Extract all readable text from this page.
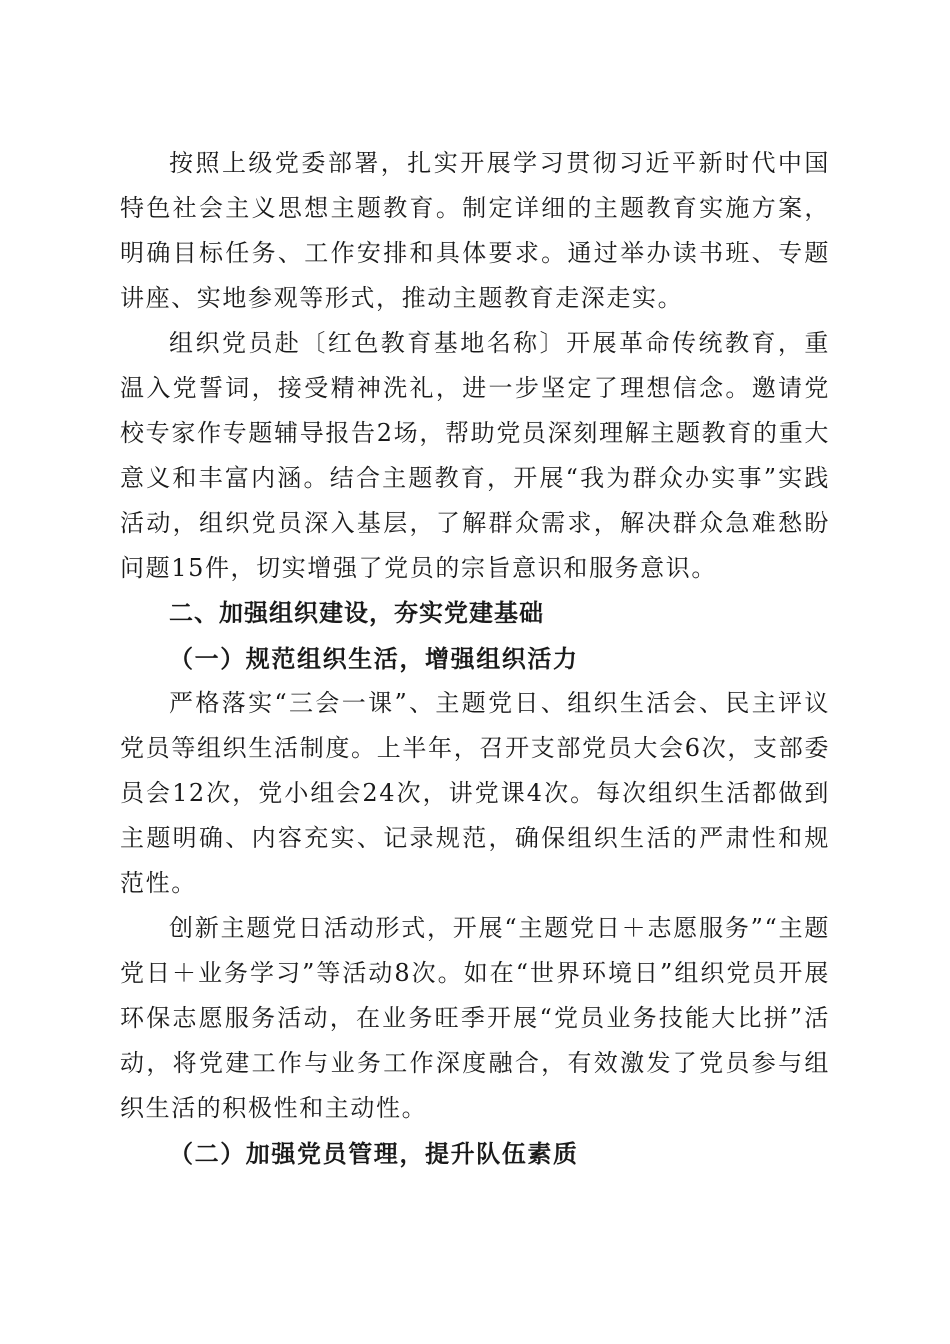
按照上级党委部署，扎实开展学习贯彻习近平新时代中国特色社会主义思想主题教育。制定详细的主题教育实施方案，明确目标任务、工作安排和具体要求。通过举办读书班、专题讲座、实地参观等形式，推动主题教育走深走实。

组织党员赴〔红色教育基地名称〕开展革命传统教育，重温入党誓词，接受精神洗礼，进一步坚定了理想信念。邀请党校专家作专题辅导报告2场，帮助党员深刻理解主题教育的重大意义和丰富内涵。结合主题教育，开展“我为群众办实事”实践活动，组织党员深入基层，了解群众需求，解决群众急难愁盼问题15件，切实增强了党员的宗旨意识和服务意识。

二、加强组织建设，夯实党建基础

（一）规范组织生活，增强组织活力

严格落实“三会一课”、主题党日、组织生活会、民主评议党员等组织生活制度。上半年，召开支部党员大会6次，支部委员会12次，党小组会24次，讲党课4次。每次组织生活都做到主题明确、内容充实、记录规范，确保组织生活的严肃性和规范性。

创新主题党日活动形式，开展“主题党日＋志愿服务”“主题党日＋业务学习”等活动8次。如在“世界环境日”组织党员开展环保志愿服务活动，在业务旺季开展“党员业务技能大比拼”活动，将党建工作与业务工作深度融合，有效激发了党员参与组织生活的积极性和主动性。

（二）加强党员管理，提升队伍素质
